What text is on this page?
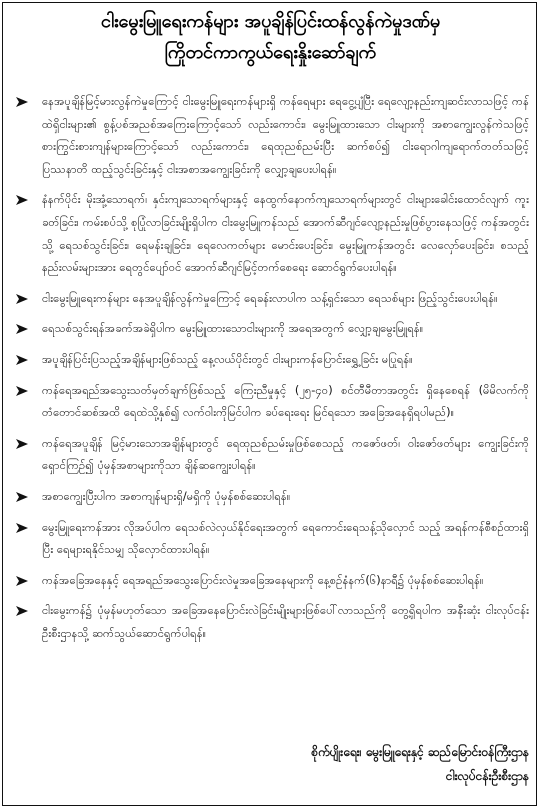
ငါးမွေးမြူရေးကန်များ အပူချိန်ပြင်းထန်လွန်ကဲမှုဒဏ်မှ
ကြိုတင်ကာကွယ်ရေးနှိုးဆော်ချက်
နေအပူချိန်မြင့်မားလွန်ကဲမှုကြောင့် ငါးမွေးမြူရေးကန်များရှိ ကန်ရေများ ရေငွေ့ပျံပြီး ရေလျော့နည်းကျဆင်းလာသဖြင့် ကန်ထဲရှိငါးများ၏ စွန့်ပစ်အညစ်အကြေးကြောင့်သော် လည်းကောင်း၊ မွေးမြူထားသော ငါးများကို အစာကျွေးလွန်ကဲသဖြင့် စားကြွင်းစားကျန်များကြောင့်သော် လည်းကောင်း၊ ရေထုညစ်ညမ်းပြီး ဆက်စပ်၍ ငါးရောဂါကျရောက်တတ်သဖြင့် ပြဿနာတိ ထည့်သွင်းခြင်းနှင့် ငါးအစာအကျွေးခြင်းကို လျှော့ချပေးပါရန်။
နံနက်ပိုင်း မိုးအုံ့သောရက်၊ နှင်းကျသောရက်များနှင့် နေထွက်နောက်ကျသောရက်များတွင် ငါးများခေါင်းထောင်လျက် ကူးခတ်ခြင်း၊ ကမ်းစပ်သို့ စုပြုံလာခြင်းမျိုးရှိပါက ငါးမွေးမြူကန်သည် အောက်ဆီဂျင်လျော့နည်းမှုဖြစ်ပွားနေသဖြင့် ကန်အတွင်းသို့ ရေသစ်သွင်းခြင်း၊ ရေမန်းချခြင်း၊ ရေလေကတ်များ မောင်းပေးခြင်း၊ မွေးမြူကန်အတွင်း လေလှော်ပေးခြင်း၊ စသည့်နည်းလမ်းများအား ရေတွင်ပျော်ဝင် အောက်ဆီဂျင်မြင့်တက်စေရေး ဆောင်ရွက်ပေးပါရန်။
ငါးမွေးမြူရေးကန်များ နေအပူချိန်လွန်ကဲမှုကြောင့် ရေခန်းလာပါက သန့်ရှင်းသော ရေသစ်များ ဖြည့်သွင်းပေးပါရန်။
ရေသစ်သွင်းရန်အခက်အခဲရှိပါက မွေးမြူထားသောငါးများကို အရေအတွက် လျှော့ချမွေးမြူရန်။
အပူချိန်ပြင်းပြသည့်အချိန်များဖြစ်သည့် နေ့လယ်ပိုင်းတွင် ငါးများကန်ပြောင်းရွှေ့ခြင်း မပြုရန်။
ကန်ရေအရည်အသွေးသတ်မှတ်ချက်ဖြစ်သည့် ကြေးညီမှုနှင့် (၂၅-၄၀) စင်တီမီတာအတွင်း ရှိနေစေရန် (မိမိလက်ကို တံတောင်ဆစ်အထိ ရေထဲသို့နှစ်၍ လက်ဝါးကိုမြင်ပါက ခပ်ရေးရေး မြင်ရသော အခြေအနေရှိရပါမည်)။
ကန်ရေအပူချိန် မြင့်မားသောအချိန်များတွင် ရေထုညစ်ညမ်းမှုဖြစ်စေသည့် ကဇော်ဖတ်၊ ဝါးဇော်ဖတ်များ ကျွေးခြင်းကို ရှောင်ကြဉ်၍ ပုံမှန်အစာများကိုသာ ချိန်ဆကျွေးပါရန်။
အစာကျွေးပြီးပါက အစာကျန်များရှိ/မရှိကို ပုံမှန်စစ်ဆေးပါရန်။
မွေးမြူရေးကန်အား လိုအပ်ပါက ရေသစ်လဲလှယ်နိုင်ရေးအတွက် ရေကောင်းရေသန့်သိုလှောင် သည့် အရန်ကန်စီစဉ်ထားရှိပြီး ရေများရနိုင်သမျှ သိုလှောင်ထားပါရန်။
ကန်အခြေအနေနှင့် ရေအရည်အသွေးပြောင်းလဲမှုအခြေအနေများကို နေ့စဉ်နံနက်(၆)နာရီ၌ ပုံမှန်စစ်ဆေးပါရန်။
ငါးမွေးကန်၌ ပုံမှန်မဟုတ်သော အခြေအနေပြောင်းလဲခြင်းမျိုးများဖြစ်ပေါ်လာသည်ကို တွေ့ရှိရပါက အနီးဆုံး ငါးလုပ်ငန်းဦးစီးဌာနသို့ ဆက်သွယ်ဆောင်ရွက်ပါရန်။
စိုက်ပျိုးရေး၊ မွေးမြူရေးနှင့် ဆည်မြောင်းဝန်ကြီးဌာန
ငါးလုပ်ငန်းဦးစီးဌာန
